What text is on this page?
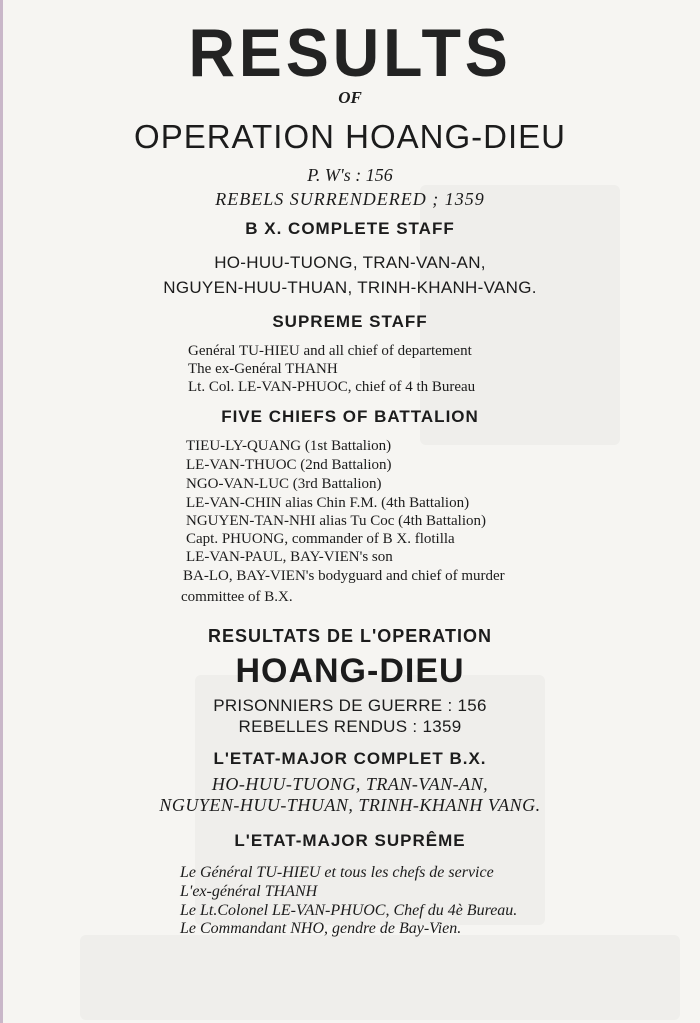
RESULTS
OF
OPERATION HOANG-DIEU
P. W's : 156
REBELS SURRENDERED ; 1359
B X. COMPLETE STAFF
HO-HUU-TUONG, TRAN-VAN-AN,
NGUYEN-HUU-THUAN, TRINH-KHANH-VANG.
SUPREME STAFF
Genéral TU-HIEU and all chief of departement
The ex-Genéral THANH
Lt. Col. LE-VAN-PHUOC, chief of 4 th Bureau
FIVE CHIEFS OF BATTALION
TIEU-LY-QUANG (1st Battalion)
LE-VAN-THUOC (2nd Battalion)
NGO-VAN-LUC (3rd Battalion)
LE-VAN-CHIN alias Chin F.M. (4th Battalion)
NGUYEN-TAN-NHI alias Tu Coc (4th Battalion)
Capt. PHUONG, commander of B X. flotilla
LE-VAN-PAUL, BAY-VIEN's son
BA-LO, BAY-VIEN's bodyguard and chief of murder
committee of B.X.
RESULTATS DE L'OPERATION
HOANG-DIEU
PRISONNIERS DE GUERRE : 156
REBELLES RENDUS : 1359
L'ETAT-MAJOR COMPLET B.X.
HO-HUU-TUONG, TRAN-VAN-AN,
NGUYEN-HUU-THUAN, TRINH-KHANH VANG.
L'ETAT-MAJOR SUPRÊME
Le Général TU-HIEU et tous les chefs de service
L'ex-général THANH
Le Lt.Colonel LE-VAN-PHUOC, Chef du 4è Bureau.
Le Commandant NHO, gendre de Bay-Vien.
